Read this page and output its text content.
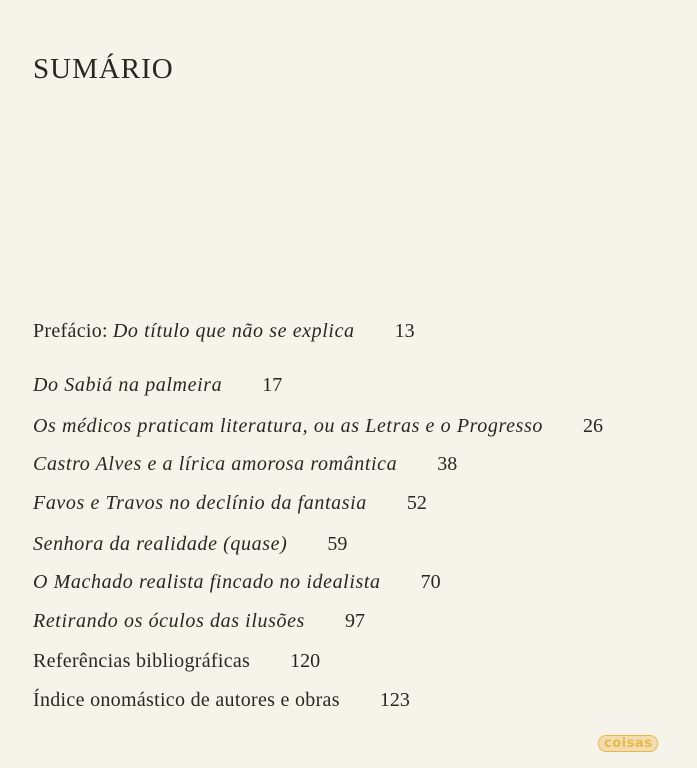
SUMÁRIO
Prefácio: Do título que não se explica 13
Do Sabiá na palmeira 17
Os médicos praticam literatura, ou as Letras e o Progresso 26
Castro Alves e a lírica amorosa romântica 38
Favos e Travos no declínio da fantasia 52
Senhora da realidade (quase) 59
O Machado realista fincado no idealista 70
Retirando os óculos das ilusões 97
Referências bibliográficas 120
Índice onomástico de autores e obras 123
coisas
